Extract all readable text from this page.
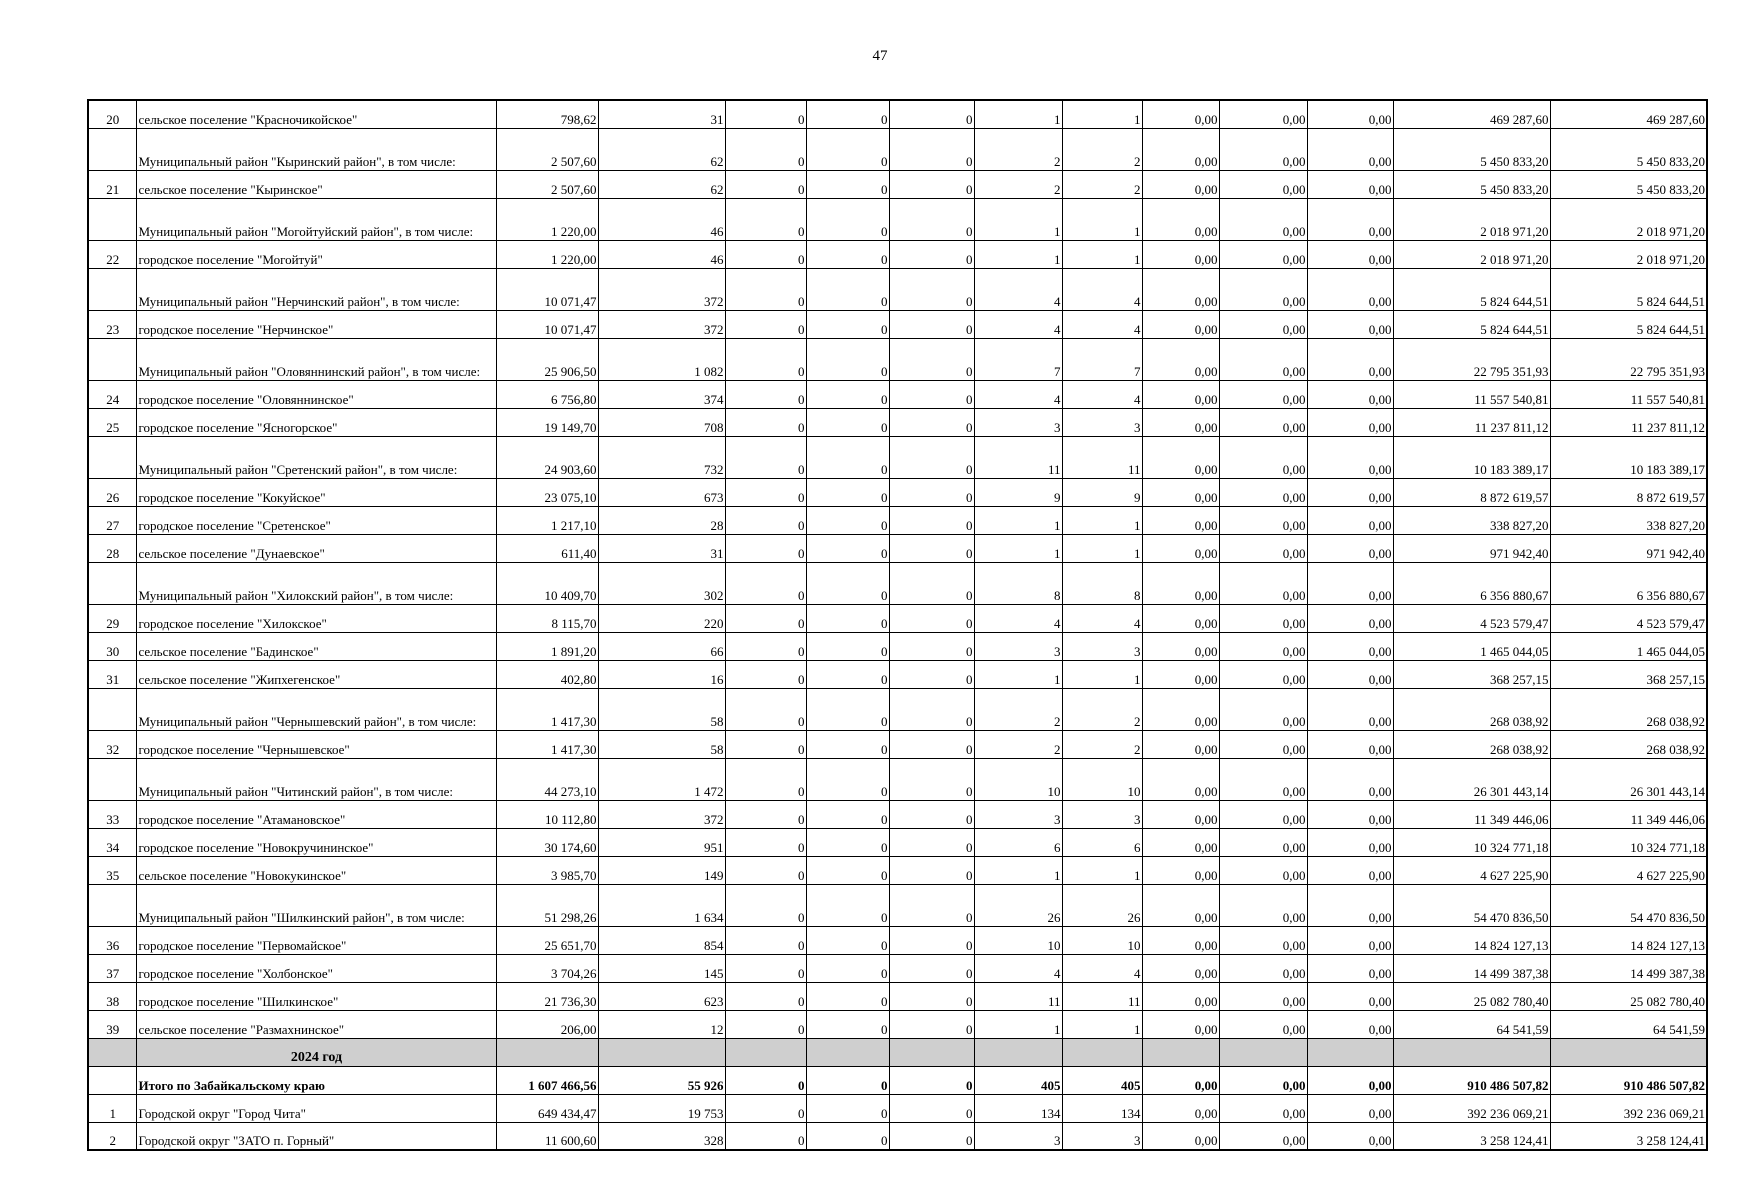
47
20	сельское поселение "Красночикойское"	798,62	31	0	0	0	1	1	0,00	0,00	0,00	469 287,60	469 287,60
	Муниципальный район "Кыринский район", в том числе:	2 507,60	62	0	0	0	2	2	0,00	0,00	0,00	5 450 833,20	5 450 833,20
21	сельское поселение "Кыринское"	2 507,60	62	0	0	0	2	2	0,00	0,00	0,00	5 450 833,20	5 450 833,20
	Муниципальный район "Могойтуйский район", в том числе:	1 220,00	46	0	0	0	1	1	0,00	0,00	0,00	2 018 971,20	2 018 971,20
22	городское поселение "Могойтуй"	1 220,00	46	0	0	0	1	1	0,00	0,00	0,00	2 018 971,20	2 018 971,20
	Муниципальный район "Нерчинский район", в том числе:	10 071,47	372	0	0	0	4	4	0,00	0,00	0,00	5 824 644,51	5 824 644,51
23	городское поселение "Нерчинское"	10 071,47	372	0	0	0	4	4	0,00	0,00	0,00	5 824 644,51	5 824 644,51
	Муниципальный район "Оловяннинский район", в том числе:	25 906,50	1 082	0	0	0	7	7	0,00	0,00	0,00	22 795 351,93	22 795 351,93
24	городское поселение "Оловяннинское"	6 756,80	374	0	0	0	4	4	0,00	0,00	0,00	11 557 540,81	11 557 540,81
25	городское поселение "Ясногорское"	19 149,70	708	0	0	0	3	3	0,00	0,00	0,00	11 237 811,12	11 237 811,12
	Муниципальный район "Сретенский район", в том числе:	24 903,60	732	0	0	0	11	11	0,00	0,00	0,00	10 183 389,17	10 183 389,17
26	городское поселение "Кокуйское"	23 075,10	673	0	0	0	9	9	0,00	0,00	0,00	8 872 619,57	8 872 619,57
27	городское поселение "Сретенское"	1 217,10	28	0	0	0	1	1	0,00	0,00	0,00	338 827,20	338 827,20
28	сельское поселение "Дунаевское"	611,40	31	0	0	0	1	1	0,00	0,00	0,00	971 942,40	971 942,40
	Муниципальный район "Хилокский район", в том числе:	10 409,70	302	0	0	0	8	8	0,00	0,00	0,00	6 356 880,67	6 356 880,67
29	городское поселение "Хилокское"	8 115,70	220	0	0	0	4	4	0,00	0,00	0,00	4 523 579,47	4 523 579,47
30	сельское поселение "Бадинское"	1 891,20	66	0	0	0	3	3	0,00	0,00	0,00	1 465 044,05	1 465 044,05
31	сельское поселение "Жипхегенское"	402,80	16	0	0	0	1	1	0,00	0,00	0,00	368 257,15	368 257,15
	Муниципальный район "Чернышевский район", в том числе:	1 417,30	58	0	0	0	2	2	0,00	0,00	0,00	268 038,92	268 038,92
32	городское поселение "Чернышевское"	1 417,30	58	0	0	0	2	2	0,00	0,00	0,00	268 038,92	268 038,92
	Муниципальный район "Читинский район", в том числе:	44 273,10	1 472	0	0	0	10	10	0,00	0,00	0,00	26 301 443,14	26 301 443,14
33	городское поселение "Атамановское"	10 112,80	372	0	0	0	3	3	0,00	0,00	0,00	11 349 446,06	11 349 446,06
34	городское поселение "Новокручининское"	30 174,60	951	0	0	0	6	6	0,00	0,00	0,00	10 324 771,18	10 324 771,18
35	сельское поселение "Новокукинское"	3 985,70	149	0	0	0	1	1	0,00	0,00	0,00	4 627 225,90	4 627 225,90
	Муниципальный район "Шилкинский район", в том числе:	51 298,26	1 634	0	0	0	26	26	0,00	0,00	0,00	54 470 836,50	54 470 836,50
36	городское поселение "Первомайское"	25 651,70	854	0	0	0	10	10	0,00	0,00	0,00	14 824 127,13	14 824 127,13
37	городское поселение "Холбонское"	3 704,26	145	0	0	0	4	4	0,00	0,00	0,00	14 499 387,38	14 499 387,38
38	городское поселение "Шилкинское"	21 736,30	623	0	0	0	11	11	0,00	0,00	0,00	25 082 780,40	25 082 780,40
39	сельское поселение "Размахнинское"	206,00	12	0	0	0	1	1	0,00	0,00	0,00	64 541,59	64 541,59
	2024 год												
	Итого по Забайкальскому краю	1 607 466,56	55 926	0	0	0	405	405	0,00	0,00	0,00	910 486 507,82	910 486 507,82
1	Городской округ "Город Чита"	649 434,47	19 753	0	0	0	134	134	0,00	0,00	0,00	392 236 069,21	392 236 069,21
2	Городской округ "ЗАТО п. Горный"	11 600,60	328	0	0	0	3	3	0,00	0,00	0,00	3 258 124,41	3 258 124,41
